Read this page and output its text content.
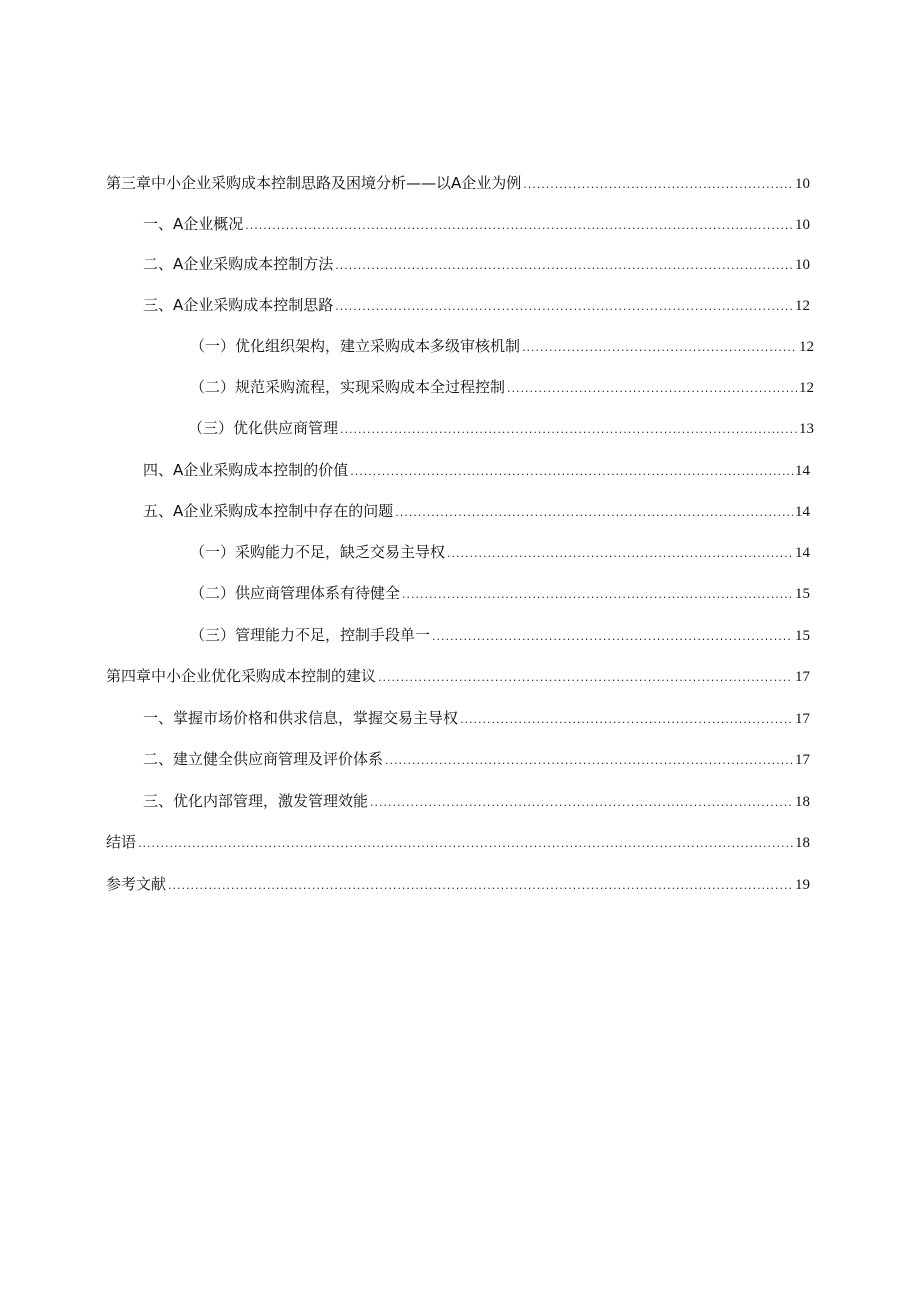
第三章中小企业采购成本控制思路及困境分析——以A企业为例 .....	10
一、A企业概况 .....	10
二、A企业采购成本控制方法 .....	10
三、A企业采购成本控制思路 .....	12
（一）优化组织架构，建立采购成本多级审核机制 .....	12
（二）规范采购流程，实现采购成本全过程控制 .....	12
（三）优化供应商管理 .....	13
四、A企业采购成本控制的价值 .....	14
五、A企业采购成本控制中存在的问题 .....	14
（一）采购能力不足，缺乏交易主导权 .....	14
（二）供应商管理体系有待健全 .....	15
（三）管理能力不足，控制手段单一 .....	15
第四章中小企业优化采购成本控制的建议 .....	17
一、掌握市场价格和供求信息，掌握交易主导权 .....	17
二、建立健全供应商管理及评价体系 .....	17
三、优化内部管理，激发管理效能 .....	18
结语 .....	18
参考文献 .....	19
